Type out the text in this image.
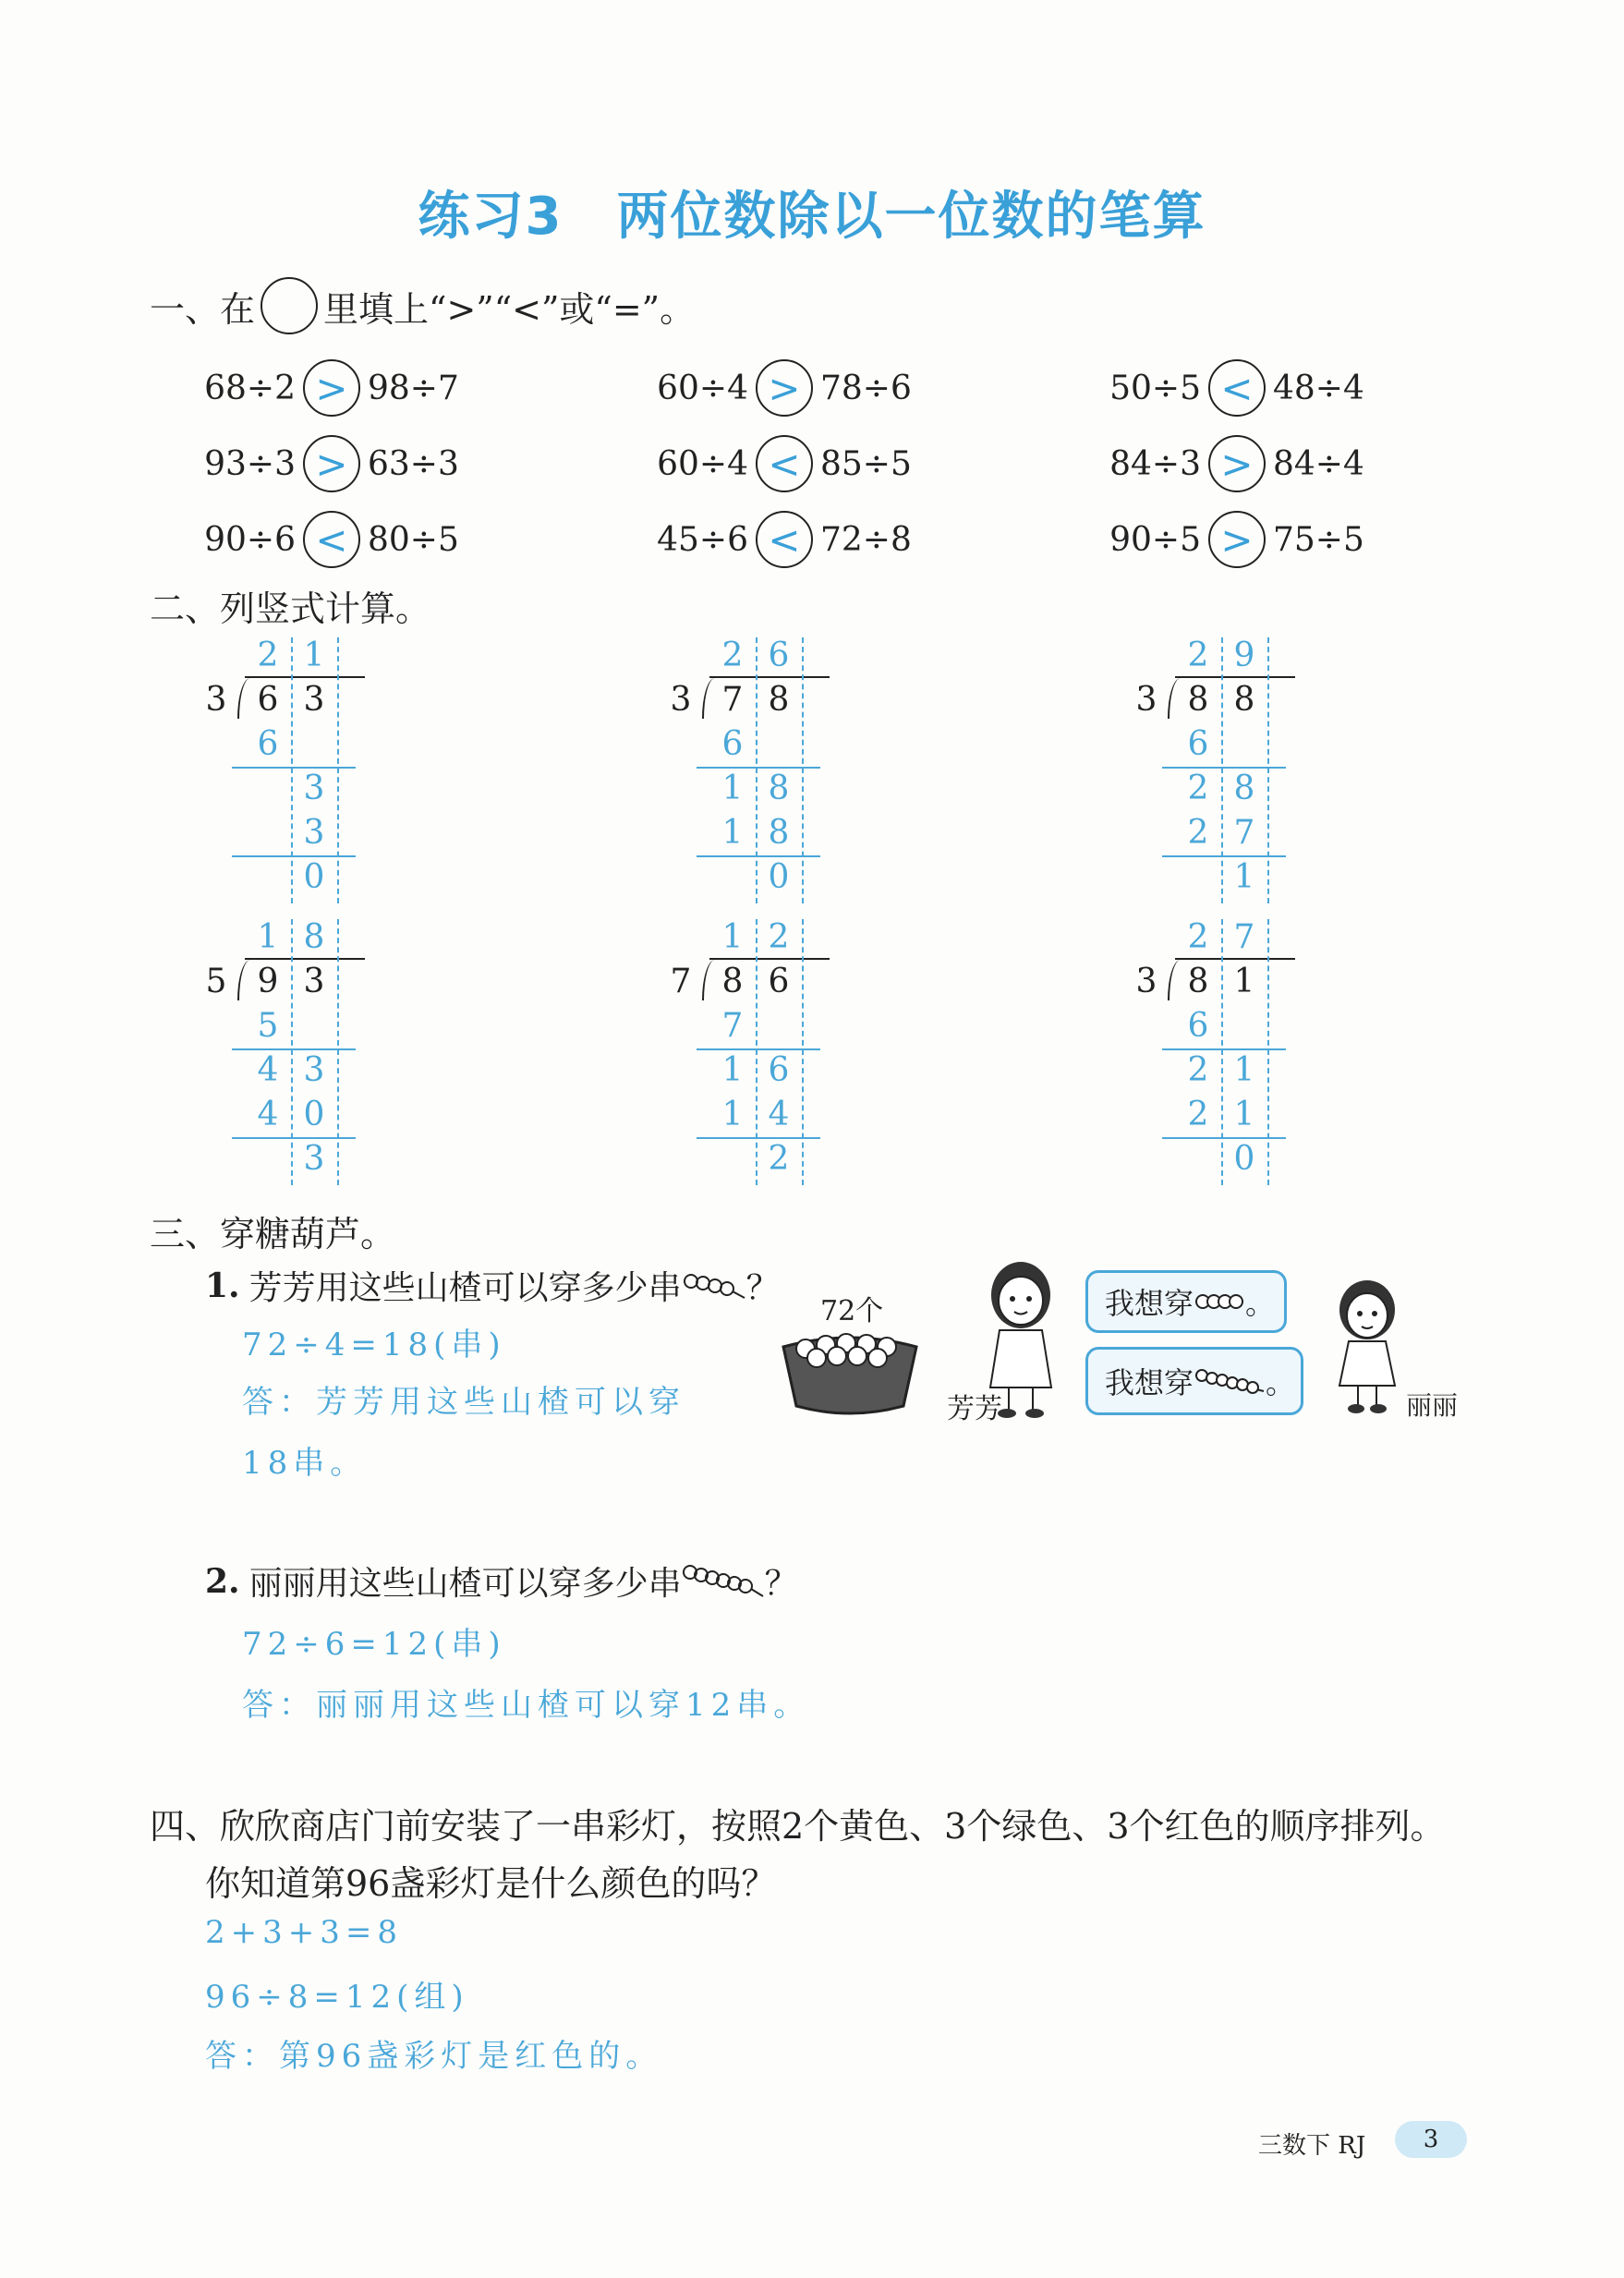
练习3　两位数除以一位数的笔算
一、在 里填上“>”“<”或“=”。
68÷2 > 98÷7	60÷4 > 78÷6	50÷5 < 48÷4
93÷3 > 63÷3	60÷4 < 85÷5	84÷3 > 84÷4
90÷6 < 80÷5	45÷6 < 72÷8	90÷5 > 75÷5
二、列竖式计算。
2 1
3 6 3
6
3
3
0
2 6
3 7 8
6
1 8
1 8
0
2 9
3 8 8
6
2 8
2 7
1
1 8
5 9 3
5
4 3
4 0
3
1 2
7 8 6
7
1 6
1 4
2
2 7
3 8 1
6
2 1
2 1
0
三、穿糖葫芦。
1. 芳芳用这些山楂可以穿多少串 ？
72÷4=18(串)
答：芳芳用这些山楂可以穿
18串。
72个
芳芳
我想穿 。
我想穿 。
丽丽
2. 丽丽用这些山楂可以穿多少串	？
72÷6=12(串)
答：丽丽用这些山楂可以穿12串。
四、欣欣商店门前安装了一串彩灯，按照2个黄色、3个绿色、3个红色的顺序排列。
你知道第96盏彩灯是什么颜色的吗？
2+3+3=8
96÷8=12(组)
答：第96盏彩灯是红色的。
三数下 RJ	3
